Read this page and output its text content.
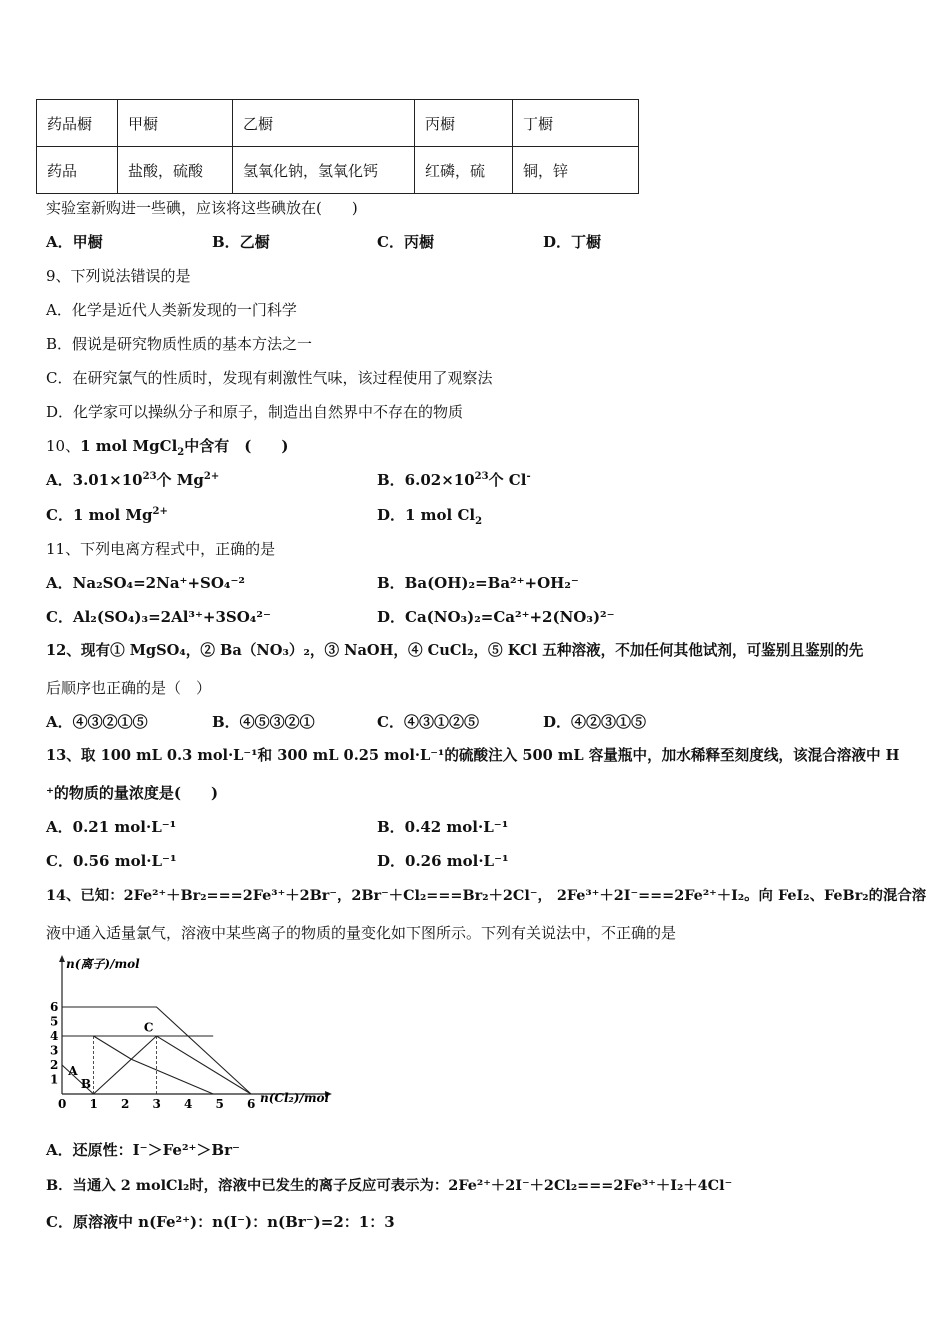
药品橱	甲橱	乙橱	丙橱	丁橱
药品	盐酸，硫酸	氢氧化钠，氢氧化钙	红磷，硫	铜，锌
实验室新购进一些碘，应该将这些碘放在(　　)
A．甲橱	B．乙橱	C．丙橱	D．丁橱
9、下列说法错误的是
A．化学是近代人类新发现的一门科学
B．假说是研究物质性质的基本方法之一
C．在研究氯气的性质时，发现有刺激性气味，该过程使用了观察法
D．化学家可以操纵分子和原子，制造出自然界中不存在的物质
10、1 mol MgCl$_2$中含有　(　　)
A．$3.01\times 10^{23}$个 $Mg^{2+}$	B．$6.02\times 10^{23}$个 Cl-
C．1 mol $Mg^{2+}$	D．1 mol $Cl_2$
11、下列电离方程式中，正确的是
A．Na₂SO₄=2Na⁺+SO₄⁻²	B．Ba(OH)₂=Ba²⁺+OH₂⁻
C．Al₂(SO₄)₃=2Al³⁺+3SO₄²⁻	D．Ca(NO₃)₂=Ca²⁺+2(NO₃)²⁻
12、现有① MgSO₄，② Ba（NO₃）₂，③ NaOH，④ CuCl₂，⑤ KCl 五种溶液，不加任何其他试剂，可鉴别且鉴别的先
后顺序也正确的是（　）
A．④③②①⑤	B．④⑤③②①	C．④③①②⑤	D．④②③①⑤
13、取 100 mL 0.3 mol·L⁻¹和 300 mL 0.25 mol·L⁻¹的硫酸注入 500 mL 容量瓶中，加水稀释至刻度线，该混合溶液中 H
⁺的物质的量浓度是(　　)
A．0.21 mol·L⁻¹	B．0.42 mol·L⁻¹
C．0.56 mol·L⁻¹	D．0.26 mol·L⁻¹
14、已知：2Fe²⁺＋Br₂===2Fe³⁺＋2Br⁻，2Br⁻＋Cl₂===Br₂＋2Cl⁻， 2Fe³⁺＋2I⁻===2Fe²⁺＋I₂。向 FeI₂、FeBr₂的混合溶
液中通入适量氯气，溶液中某些离子的物质的量变化如下图所示。下列有关说法中，不正确的是
n(离子)/mol
n(Cl₂)/mol
0 1 2 3 4 5 6
1
2
3
4
5
6
A
B
C
A．还原性：I⁻＞Fe²⁺＞Br⁻
B．当通入 2 molCl₂时，溶液中已发生的离子反应可表示为：2Fe²⁺＋2I⁻＋2Cl₂===2Fe³⁺＋I₂＋4Cl⁻
C．原溶液中 n(Fe²⁺)：n(I⁻)：n(Br⁻)=2：1：3
